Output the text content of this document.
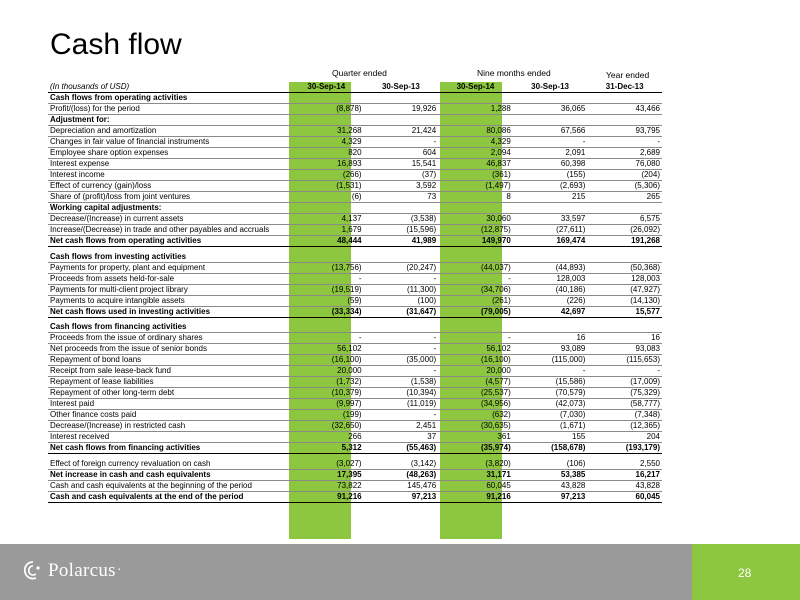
Cash flow
Quarter ended	Nine months ended	Year ended
(In thousands of USD)	30-Sep-14	30-Sep-13	30-Sep-14	30-Sep-13	31-Dec-13
Cash flows from operating activities					
Profit/(loss) for the period	(8,878)	19,926	1,288	36,065	43,466
Adjustment for:					
Depreciation and amortization	31,268	21,424	80,086	67,566	93,795
Changes in fair value of financial instruments	4,329	-	4,329	-	-
Employee share option expenses	820	604	2,094	2,091	2,689
Interest expense	16,893	15,541	46,837	60,398	76,080
Interest income	(266)	(37)	(361)	(155)	(204)
Effect of currency (gain)/loss	(1,531)	3,592	(1,497)	(2,693)	(5,306)
Share of (profit)/loss from joint ventures	(6)	73	8	215	265
Working capital adjustments:					
Decrease/(Increase) in current assets	4,137	(3,538)	30,060	33,597	6,575
Increase/(Decrease) in trade and other payables and accruals	1,679	(15,596)	(12,875)	(27,611)	(26,092)
Net cash flows from operating activities	48,444	41,989	149,970	169,474	191,268

Cash flows from investing activities					
Payments for property, plant and equipment	(13,756)	(20,247)	(44,037)	(44,893)	(50,368)
Proceeds from assets held-for-sale	-	-	-	128,003	128,003
Payments for multi-client project library	(19,519)	(11,300)	(34,706)	(40,186)	(47,927)
Payments to acquire intangible assets	(59)	(100)	(261)	(226)	(14,130)
Net cash flows used in investing activities	(33,334)	(31,647)	(79,005)	42,697	15,577

Cash flows from financing activities					
Proceeds from the issue of ordinary shares	-	-	-	16	16
Net proceeds from the issue of senior bonds	56,102	-	56,102	93,089	93,083
Repayment of bond loans	(16,100)	(35,000)	(16,100)	(115,000)	(115,653)
Receipt from sale lease-back fund	20,000	-	20,000	-	-
Repayment of lease liabilities	(1,732)	(1,538)	(4,577)	(15,586)	(17,009)
Repayment of other long-term debt	(10,379)	(10,394)	(25,537)	(70,579)	(75,329)
Interest paid	(9,997)	(11,019)	(34,956)	(42,073)	(58,777)
Other finance costs paid	(199)	-	(632)	(7,030)	(7,348)
Decrease/(Increase) in restricted cash	(32,650)	2,451	(30,635)	(1,671)	(12,365)
Interest received	266	37	361	155	204
Net cash flows from financing activities	5,312	(55,463)	(35,974)	(158,678)	(193,179)

Effect of foreign currency revaluation on cash	(3,027)	(3,142)	(3,820)	(106)	2,550
Net increase in cash and cash equivalents	17,395	(48,263)	31,171	53,385	16,217
Cash and cash equivalents at the beginning of the period	73,822	145,476	60,045	43,828	43,828
Cash and cash equivalents at the end of the period	91,216	97,213	91,216	97,213	60,045
Polarcus ·	28
